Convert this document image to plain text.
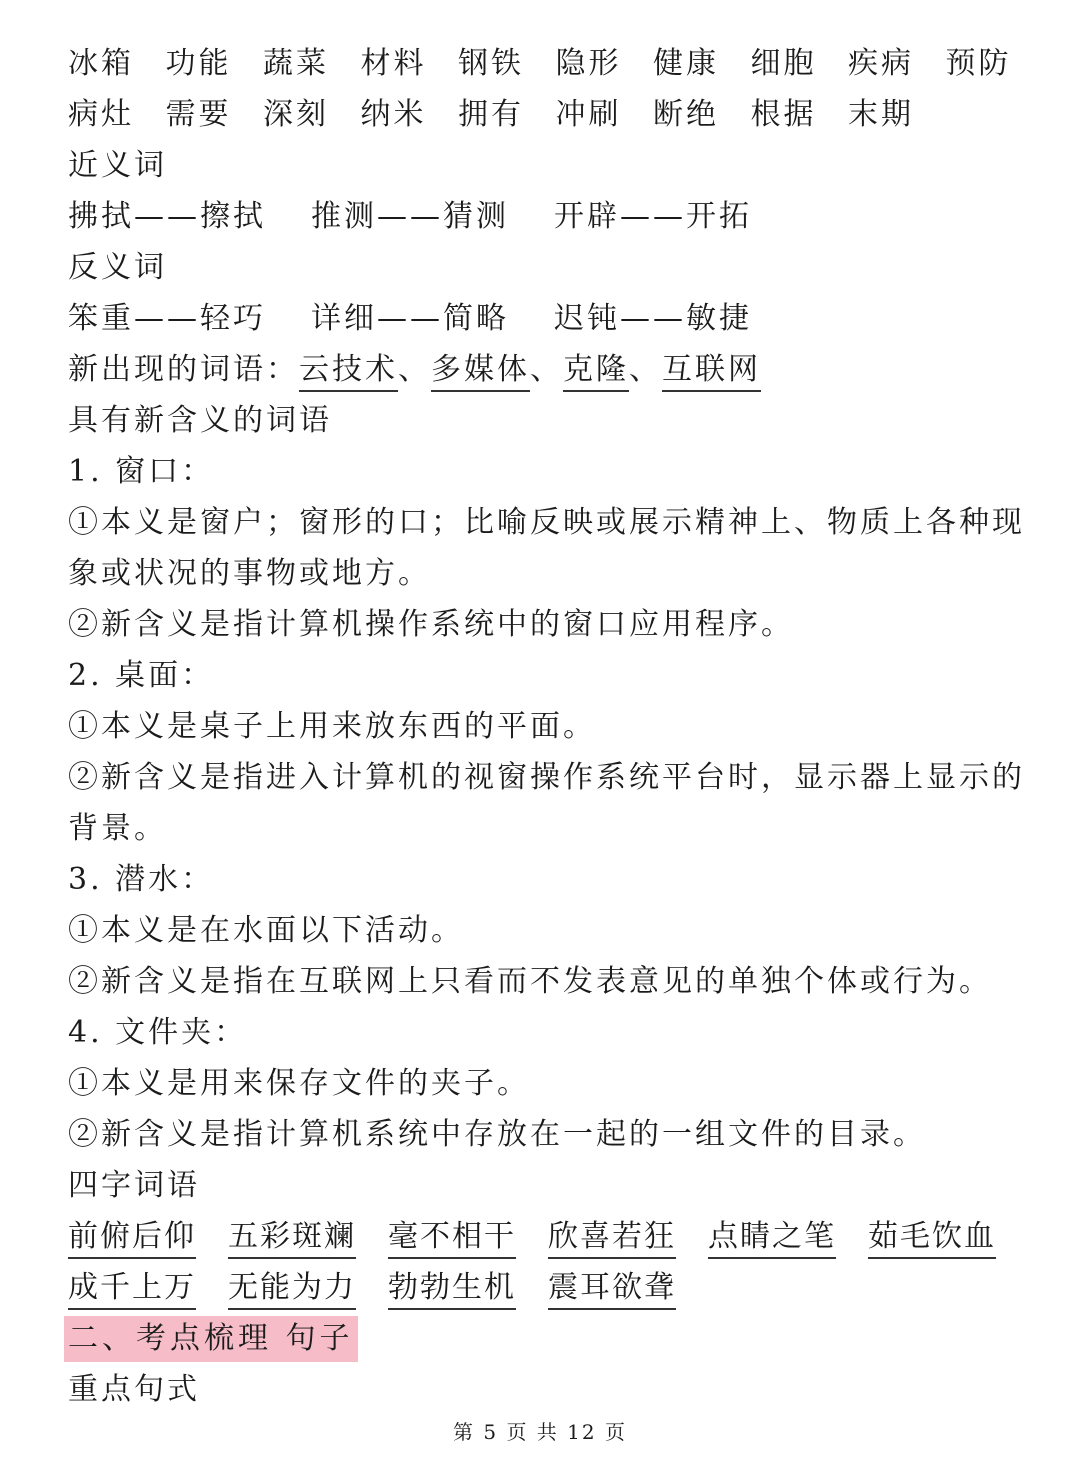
冰箱 功能 蔬菜 材料 钢铁 隐形 健康 细胞 疾病 预防
病灶 需要 深刻 纳米 拥有 冲刷 断绝 根据 末期
近义词
拂拭——擦拭 推测——猜测 开辟——开拓
反义词
笨重——轻巧 详细——简略 迟钝——敏捷
新出现的词语：云技术、多媒体、克隆、互联网
具有新含义的词语
1. 窗口：
①本义是窗户；窗形的口；比喻反映或展示精神上、物质上各种现象或状况的事物或地方。
②新含义是指计算机操作系统中的窗口应用程序。
2. 桌面：
①本义是桌子上用来放东西的平面。
②新含义是指进入计算机的视窗操作系统平台时，显示器上显示的背景。
3. 潜水：
①本义是在水面以下活动。
②新含义是指在互联网上只看而不发表意见的单独个体或行为。
4. 文件夹：
①本义是用来保存文件的夹子。
②新含义是指计算机系统中存放在一起的一组文件的目录。
四字词语
前俯后仰 五彩斑斓 毫不相干 欣喜若狂 点睛之笔 茹毛饮血
成千上万 无能为力 勃勃生机 震耳欲聋
二、考点梳理 句子
重点句式
第 5 页 共 12 页
